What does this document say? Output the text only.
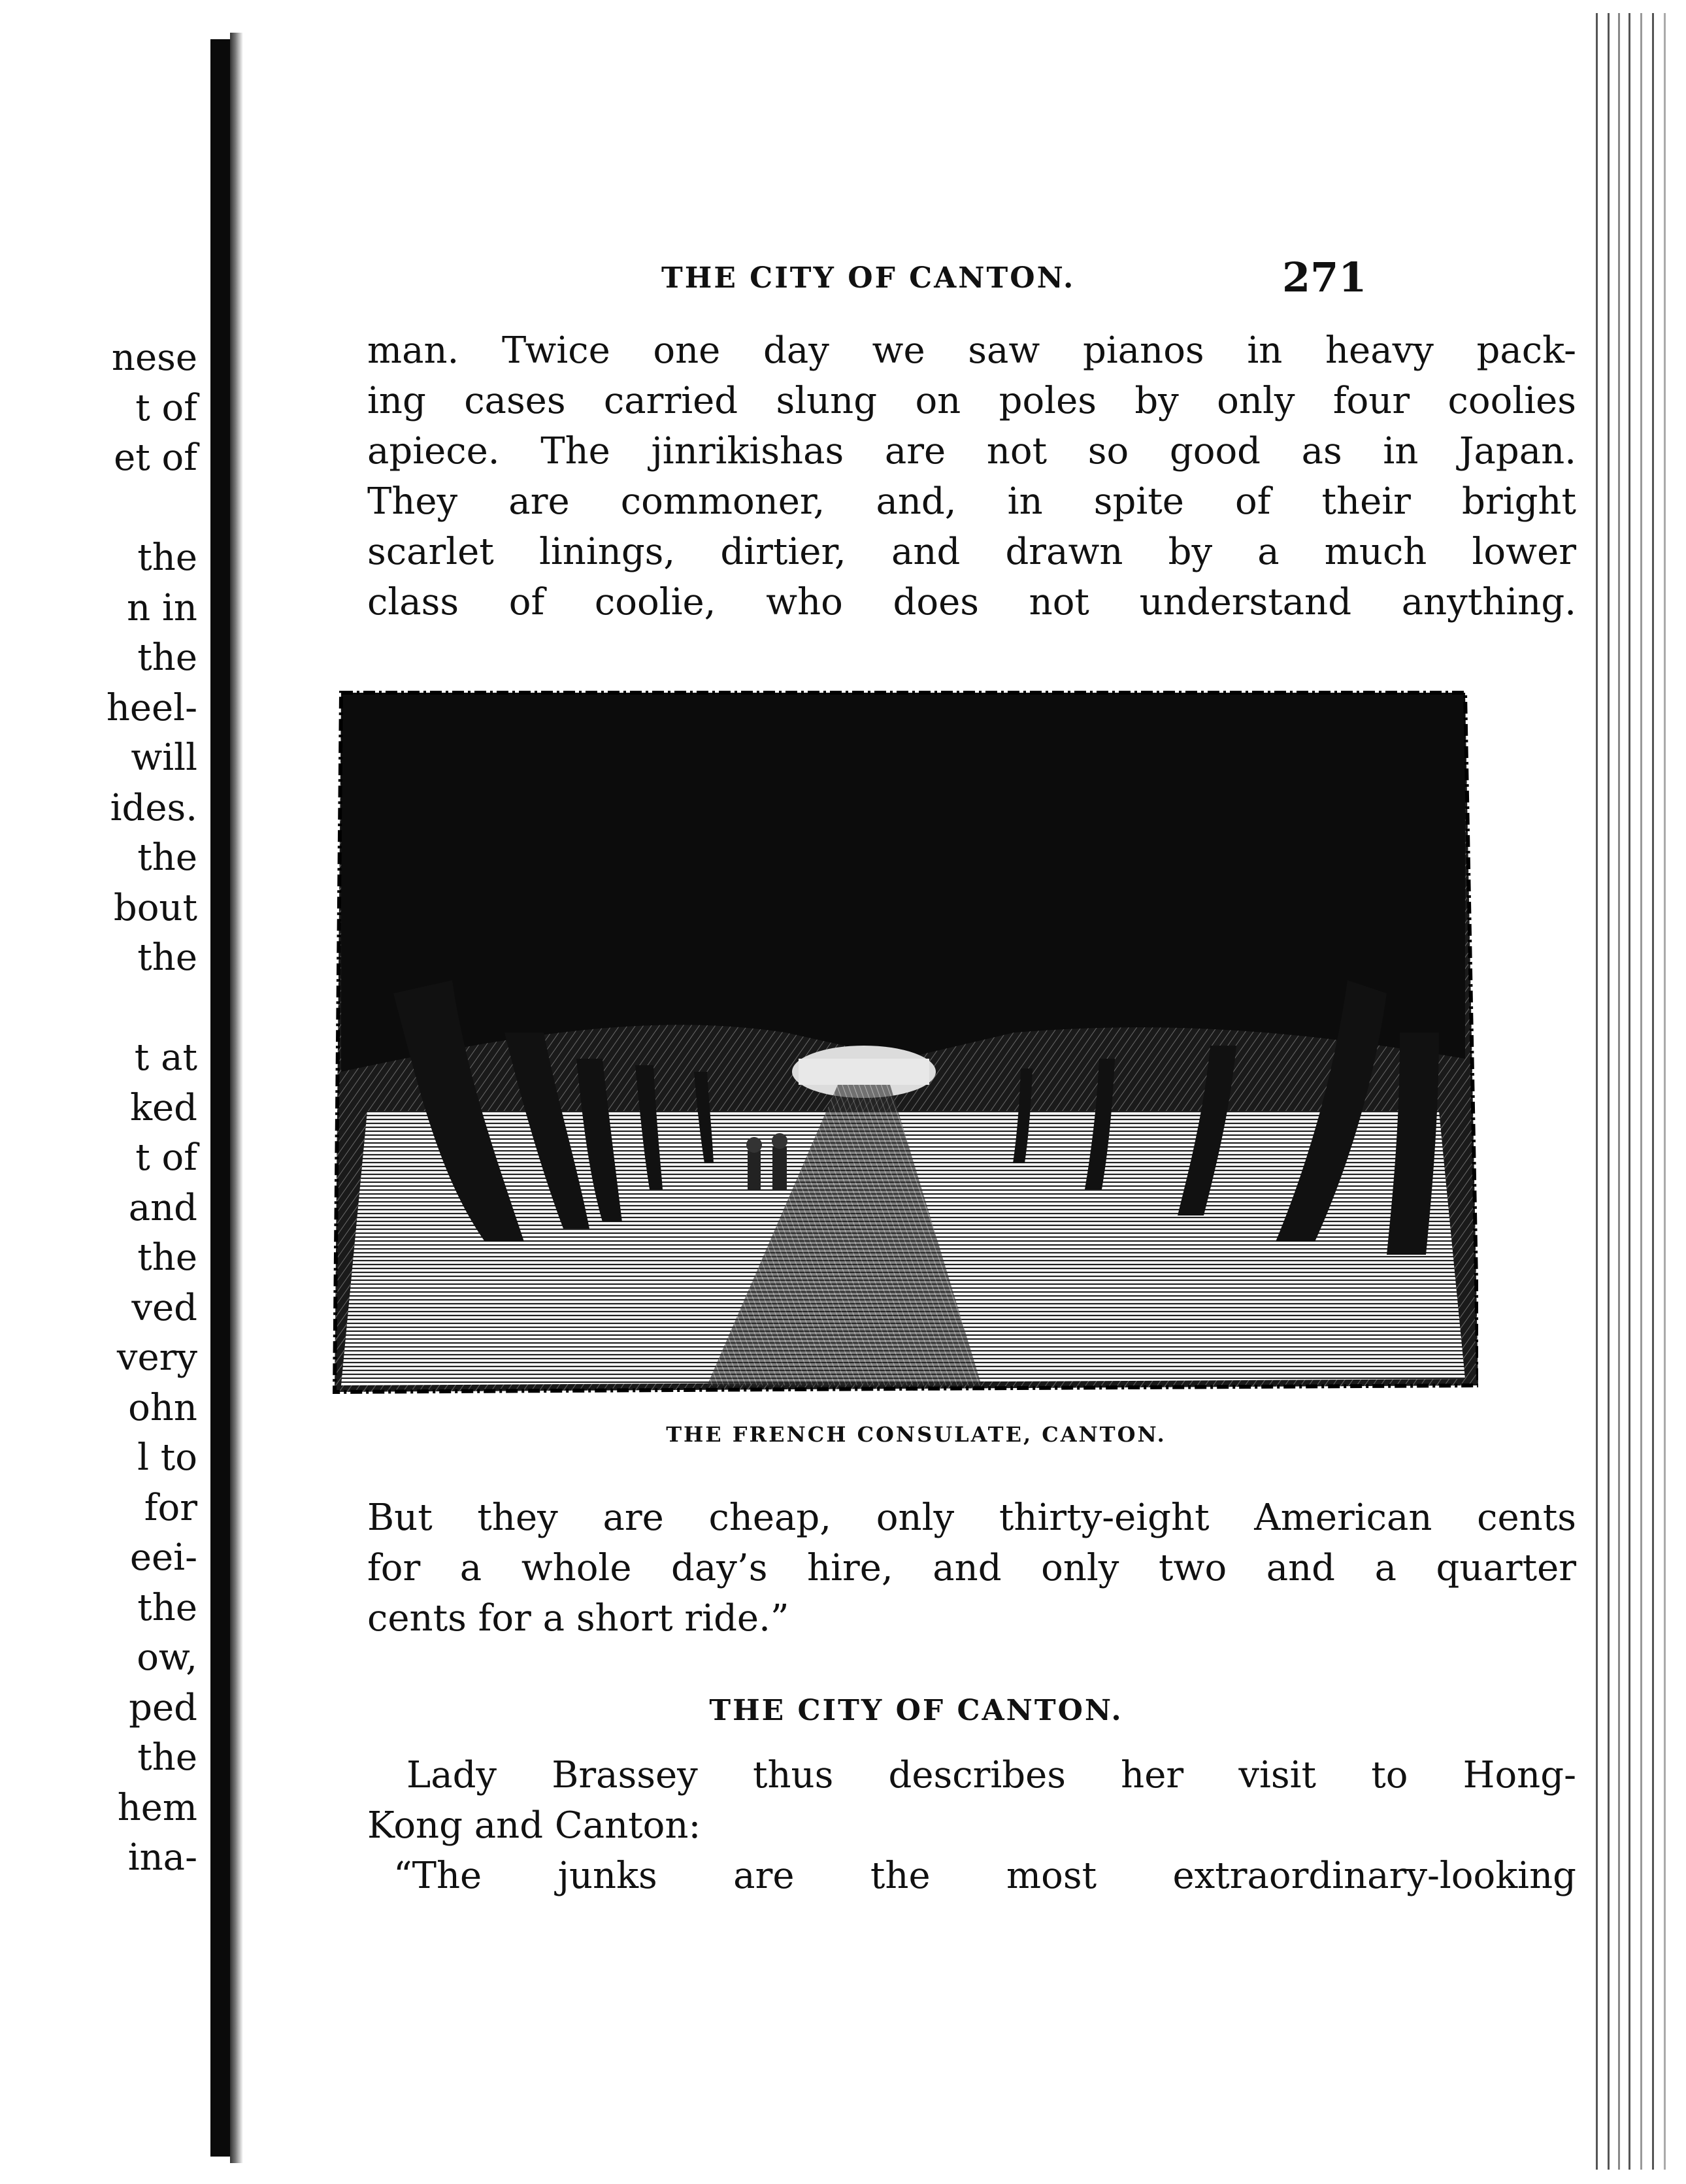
nese
t of
et of
the
n in
the
heel-
will
ides.
the
bout
the
t at
ked
t of
and
the
ved
very
ohn
l to
for
eei-
the
ow,
ped
the
hem
ina-
THE CITY OF CANTON.	271
man. Twice one day we saw pianos in heavy pack-
ing cases carried slung on poles by only four coolies
apiece. The jinrikishas are not so good as in Japan.
They are commoner, and, in spite of their bright
scarlet linings, dirtier, and drawn by a much lower
class of coolie, who does not understand anything.
THE FRENCH CONSULATE, CANTON.
But they are cheap, only thirty-eight American cents
for a whole day’s hire, and only two and a quarter
cents for a short ride.”
THE CITY OF CANTON.
Lady Brassey thus describes her visit to Hong-
Kong and Canton:
“The junks are the most extraordinary-looking
